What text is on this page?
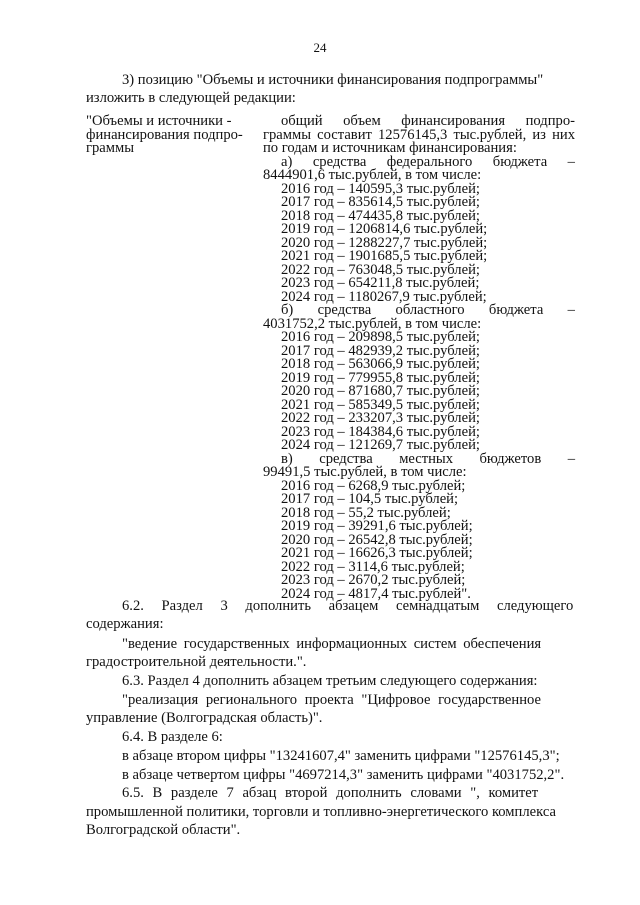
24
3) позицию "Объемы и источники финансирования подпрограммы"
изложить в следующей редакции:
"Объемы и источники -
финансирования подпро-
граммы
общий объем финансирования подпро- граммы составит 12576145,3 тыс.рублей, из них по годам и источникам финансирования:
а) средства федерального бюджета –
8444901,6 тыс.рублей, в том числе:
2016 год – 140595,3 тыс.рублей;
2017 год – 835614,5 тыс.рублей;
2018 год – 474435,8 тыс.рублей;
2019 год – 1206814,6 тыс.рублей;
2020 год – 1288227,7 тыс.рублей;
2021 год – 1901685,5 тыс.рублей;
2022 год – 763048,5 тыс.рублей;
2023 год – 654211,8 тыс.рублей;
2024 год – 1180267,9 тыс.рублей;
б) средства областного бюджета –
4031752,2 тыс.рублей, в том числе:
2016 год – 209898,5 тыс.рублей;
2017 год – 482939,2 тыс.рублей;
2018 год – 563066,9 тыс.рублей;
2019 год – 779955,8 тыс.рублей;
2020 год – 871680,7 тыс.рублей;
2021 год – 585349,5 тыс.рублей;
2022 год – 233207,3 тыс.рублей;
2023 год – 184384,6 тыс.рублей;
2024 год – 121269,7 тыс.рублей;
в) средства местных бюджетов –
99491,5 тыс.рублей, в том числе:
2016 год – 6268,9 тыс.рублей;
2017 год – 104,5 тыс.рублей;
2018 год – 55,2 тыс.рублей;
2019 год – 39291,6 тыс.рублей;
2020 год – 26542,8 тыс.рублей;
2021 год – 16626,3 тыс.рублей;
2022 год – 3114,6 тыс.рублей;
2023 год – 2670,2 тыс.рублей;
2024 год – 4817,4 тыс.рублей".
6.2. Раздел 3 дополнить абзацем семнадцатым следующего
содержания:
"ведение государственных информационных систем обеспечения
градостроительной деятельности.".
6.3. Раздел 4 дополнить абзацем третьим следующего содержания:
"реализация регионального проекта "Цифровое государственное
управление (Волгоградская область)".
6.4. В разделе 6:
в абзаце втором цифры "13241607,4" заменить цифрами "12576145,3";
в абзаце четвертом цифры "4697214,3" заменить цифрами "4031752,2".
6.5. В разделе 7 абзац второй дополнить словами ", комитет
промышленной политики, торговли и топливно-энергетического комплекса
Волгоградской области".
